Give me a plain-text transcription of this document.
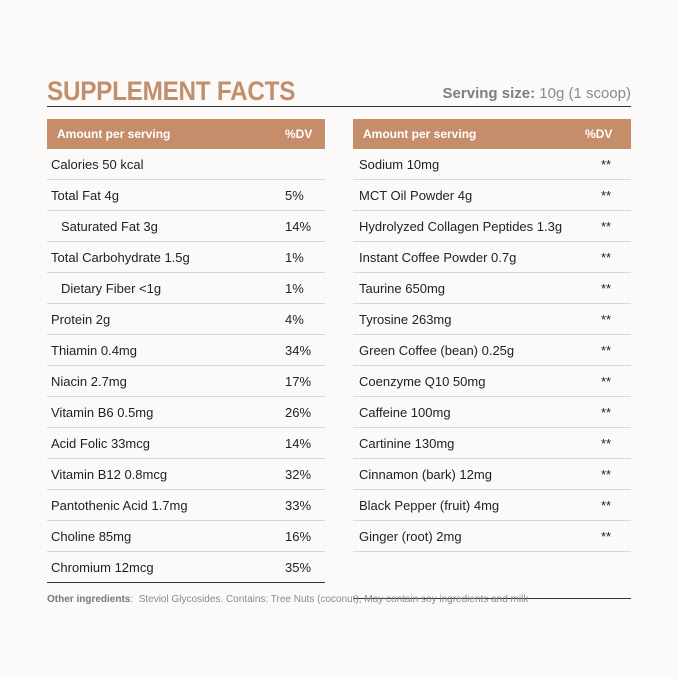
SUPPLEMENT FACTS	Serving size: 10g (1 scoop)
Amount per serving	%DV
Calories 50 kcal
Total Fat 4g	5%
Saturated Fat 3g	14%
Total Carbohydrate 1.5g	1%
Dietary Fiber <1g	1%
Protein 2g	4%
Thiamin 0.4mg	34%
Niacin 2.7mg	17%
Vitamin B6 0.5mg	26%
Acid Folic 33mcg	14%
Vitamin B12 0.8mcg	32%
Pantothenic Acid 1.7mg	33%
Choline 85mg	16%
Chromium 12mcg	35%
Amount per serving	%DV
Sodium 10mg	**
MCT Oil Powder 4g	**
Hydrolyzed Collagen Peptides 1.3g	**
Instant Coffee Powder 0.7g	**
Taurine 650mg	**
Tyrosine 263mg	**
Green Coffee (bean) 0.25g	**
Coenzyme Q10 50mg	**
Caffeine 100mg	**
Cartinine 130mg	**
Cinnamon (bark) 12mg	**
Black Pepper (fruit) 4mg	**
Ginger (root) 2mg	**
Other ingredients:  Steviol Glycosides. Contains: Tree Nuts (coconut), May contain soy ingredients and milk
